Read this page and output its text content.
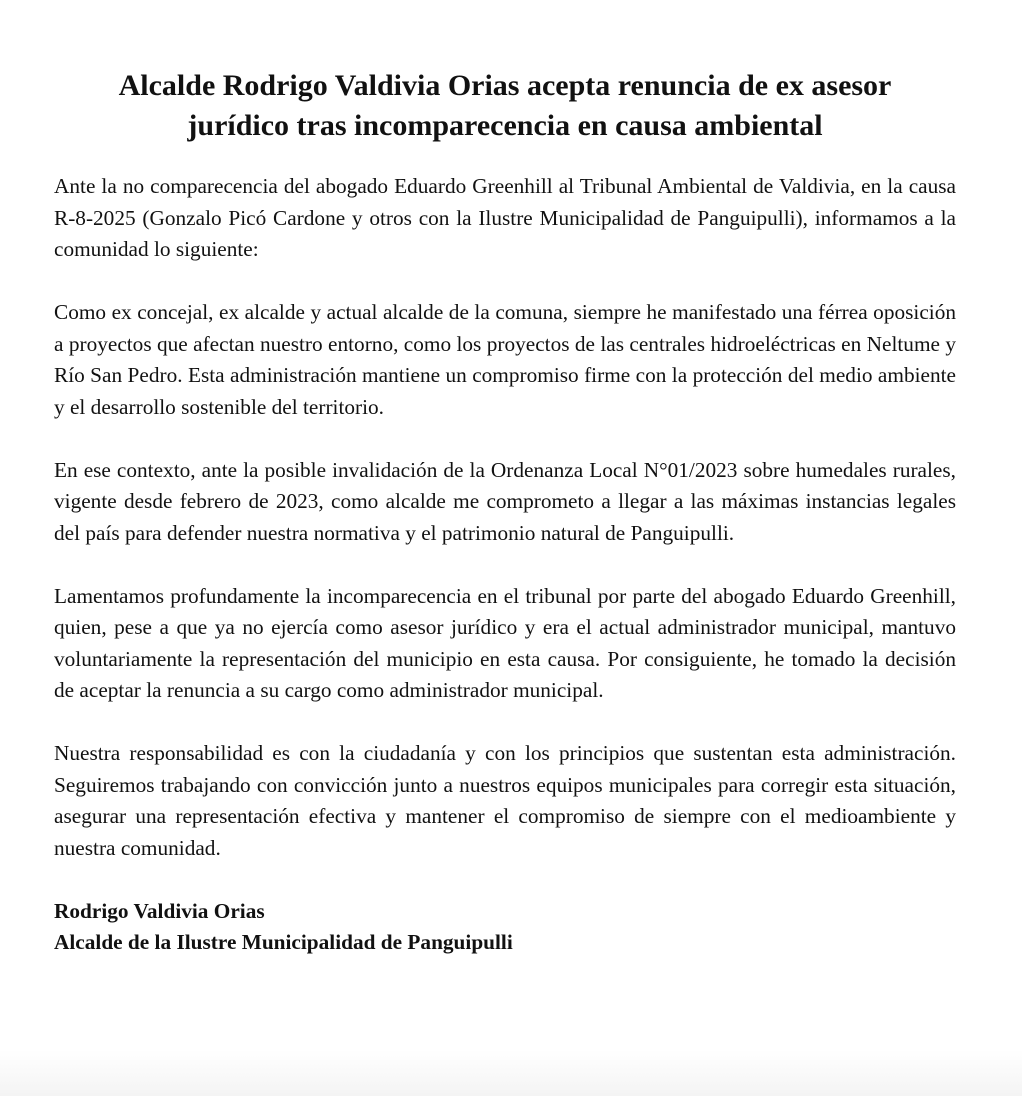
Alcalde Rodrigo Valdivia Orias acepta renuncia de ex asesor
jurídico tras incomparecencia en causa ambiental

Ante la no comparecencia del abogado Eduardo Greenhill al Tribunal Ambiental de Valdivia, en la causa R-8-2025 (Gonzalo Picó Cardone y otros con la Ilustre Municipalidad de Panguipulli), informamos a la comunidad lo siguiente:

Como ex concejal, ex alcalde y actual alcalde de la comuna, siempre he manifestado una férrea oposición a proyectos que afectan nuestro entorno, como los proyectos de las centrales hidroeléctricas en Neltume y Río San Pedro. Esta administración mantiene un compromiso firme con la protección del medio ambiente y el desarrollo sostenible del territorio.

En ese contexto, ante la posible invalidación de la Ordenanza Local N°01/2023 sobre humedales rurales, vigente desde febrero de 2023, como alcalde me comprometo a llegar a las máximas instancias legales del país para defender nuestra normativa y el patrimonio natural de Panguipulli.

Lamentamos profundamente la incomparecencia en el tribunal por parte del abogado Eduardo Greenhill, quien, pese a que ya no ejercía como asesor jurídico y era el actual administrador municipal, mantuvo voluntariamente la representación del municipio en esta causa. Por consiguiente, he tomado la decisión de aceptar la renuncia a su cargo como administrador municipal.

Nuestra responsabilidad es con la ciudadanía y con los principios que sustentan esta administración. Seguiremos trabajando con convicción junto a nuestros equipos municipales para corregir esta situación, asegurar una representación efectiva y mantener el compromiso de siempre con el medioambiente y nuestra comunidad.

Rodrigo Valdivia Orias
Alcalde de la Ilustre Municipalidad de Panguipulli
